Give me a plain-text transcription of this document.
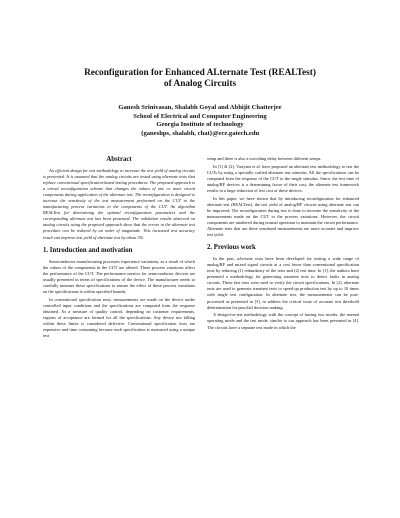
Reconfiguration for Enhanced ALternate Test (REALTest)
of Analog Circuits
Ganesh Srinivasan, Shalabh Goyal and Abhijit Chatterjee
School of Electrical and Computer Engineering
Georgia Institute of technology
{ganeshps, shalabh, chat}@ece.gatech.edu
Abstract

An efficient design for test methodology to increase the test yield of analog circuits is presented. It is assumed that the analog circuits are tested using alternate tests that replace conventional specification-based testing procedures. The proposed approach is a circuit reconfiguration scheme that changes the values of one or more circuit components during application of the alternate test. The reconfiguration is designed to increase the sensitivity of the test measurement performed on the CUT to the manufacturing process variations in the components of the CUT. An algorithm REALTest for determining the optimal reconfiguration parameters and the corresponding alternate test has been presented. The validation results observed on analog circuits using the proposed approach show that the errors in the alternate test procedure can be reduced by an order of magnitude. This increased test accuracy result can improve test yield of alternate test by about 5%.

1. Introduction and motivation

Semiconductor manufacturing processes experience variations, as a result of which the values of the components in the CUT are altered. These process variations affect the performance of the CUT. The performance metrics for semiconductor devices are usually presented in terms of specifications of the device. The manufacturer needs to carefully measure these specifications to ensure the effect of these process variations on the specifications is within specified bounds.

In conventional specification tests, measurements are made on the device under controlled input conditions and the specifications are computed from the response obtained. As a measure of quality control, depending on customer requirements, regions of acceptance are formed for all the specifications. Any device not falling within these limits is considered defective. Conventional specification tests are expensive and time consuming because each specification is measured using a unique test

setup and there is also a switching delay between different setups.

In [1] & [2], Variyam et al. have proposed an alternate test methodology to test the CUTs by using a specially crafted alternate test stimulus. All the specifications can be computed from the response of the CUT to the single stimulus. Since, the test time of analog/RF devices is a determining factor of their cost, the alternate test framework results in a large reduction of test cost of these devices.

In this paper, we have shown that by introducing reconfiguration for enhanced alternate test (REALTest), the test yield of analog/RF circuits using alternate test can be improved. The reconfiguration during test is done to increase the sensitivity of the measurements made on the CUT to the process variations. However, the circuit components are unaltered during normal operation to maintain the circuit performance. Alternate tests that use these sensitized measurements are more accurate and improve test yield.

2. Previous work

In the past, alternate tests have been developed for testing a wide range of analog/RF and mixed signal circuits at a cost lower than conventional specification tests by reducing (1) redundancy of the tests and (2) test time. In [1], the authors have presented a methodology for generating transient tests to detect faults in analog circuits. These fast tests were used to verify the circuit specifications. In [2], alternate tests are used to generate transient tests to speed up production test by up to 10 times with single test configuration. In alternate test, the measurements can be post-processed as presented in [3], to address the critical issue of accurate test threshold determination for pass/fail decision making.

A design-for-test methodology with the concept of having two modes, the normal operating mode and the test mode, similar to our approach has been presented in [4]. The circuits have a separate test mode in which the
